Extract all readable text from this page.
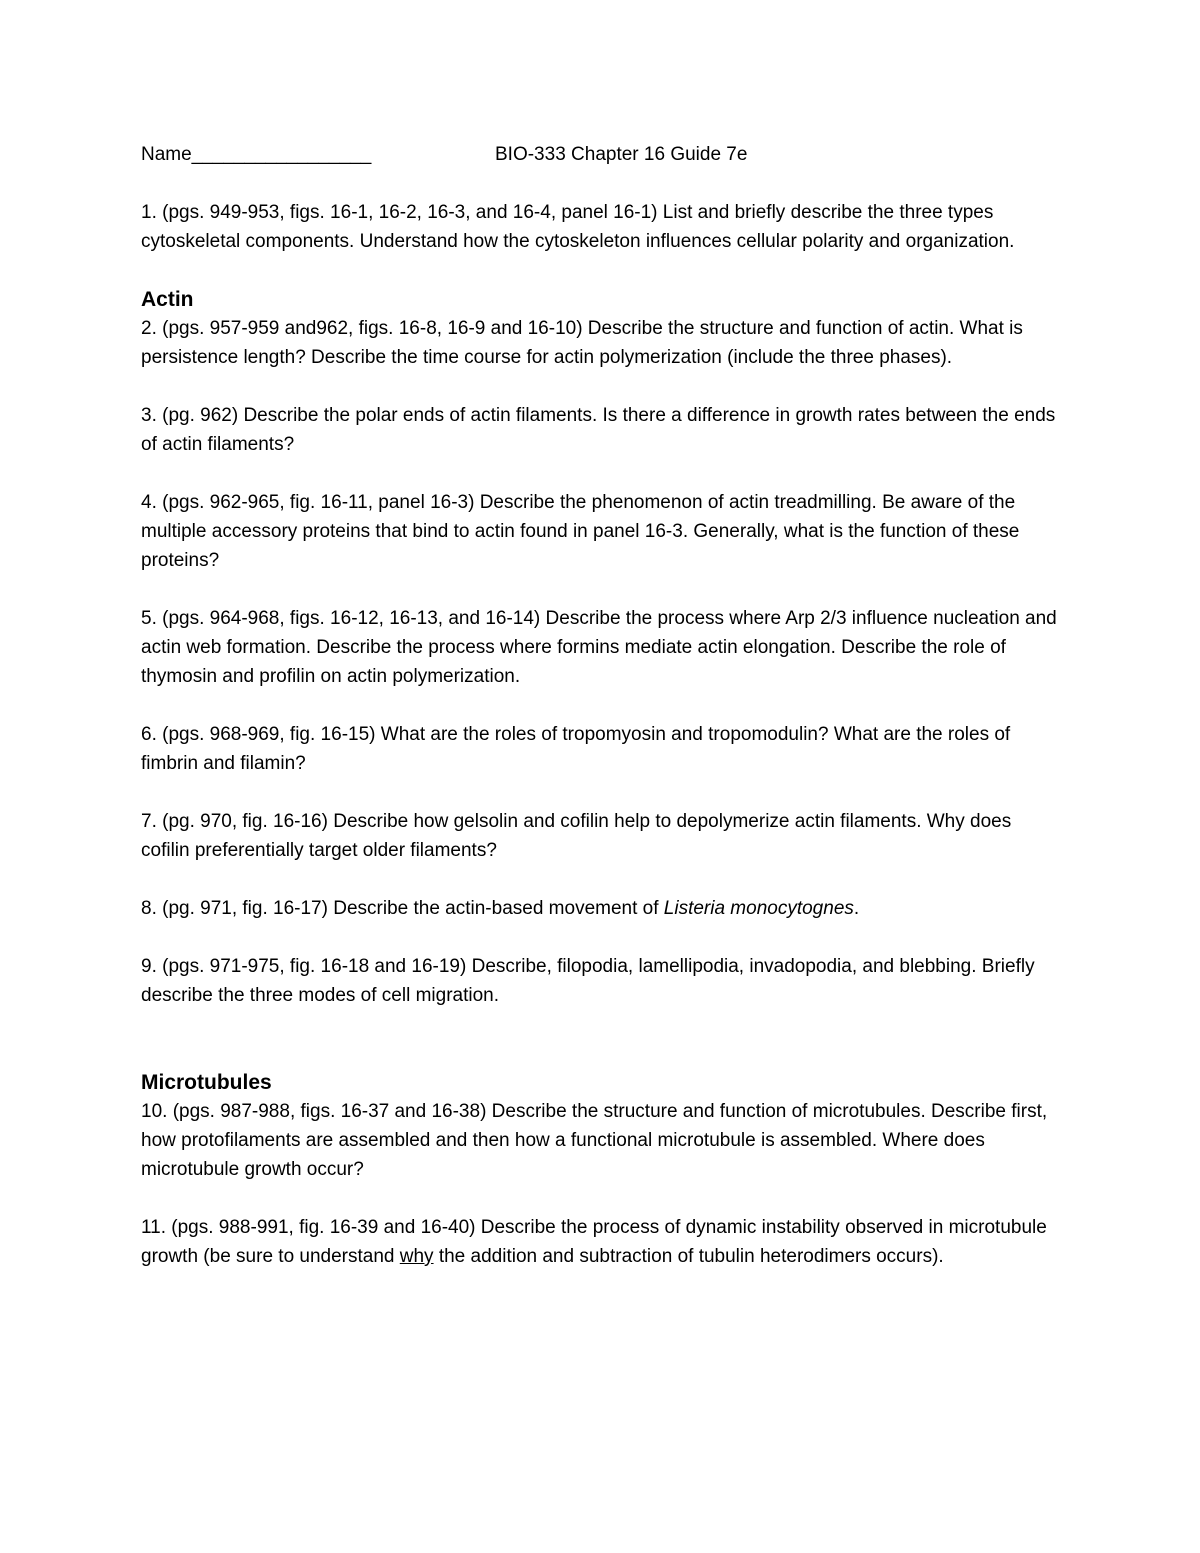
Name_________________	BIO-333 Chapter 16 Guide 7e

1. (pgs. 949-953, figs. 16-1, 16-2, 16-3, and 16-4, panel 16-1) List and briefly describe the three types cytoskeletal components. Understand how the cytoskeleton influences cellular polarity and organization.

Actin

2. (pgs. 957-959 and962, figs. 16-8, 16-9 and 16-10) Describe the structure and function of actin. What is persistence length? Describe the time course for actin polymerization (include the three phases).

3. (pg. 962) Describe the polar ends of actin filaments. Is there a difference in growth rates between the ends of actin filaments?

4. (pgs. 962-965, fig. 16-11, panel 16-3) Describe the phenomenon of actin treadmilling. Be aware of the multiple accessory proteins that bind to actin found in panel 16-3. Generally, what is the function of these proteins?

5. (pgs. 964-968, figs. 16-12, 16-13, and 16-14) Describe the process where Arp 2/3 influence nucleation and actin web formation. Describe the process where formins mediate actin elongation. Describe the role of thymosin and profilin on actin polymerization.

6. (pgs. 968-969, fig. 16-15) What are the roles of tropomyosin and tropomodulin? What are the roles of fimbrin and filamin?

7. (pg. 970, fig. 16-16) Describe how gelsolin and cofilin help to depolymerize actin filaments. Why does cofilin preferentially target older filaments?

8. (pg. 971, fig. 16-17) Describe the actin-based movement of Listeria monocytognes.

9. (pgs. 971-975, fig. 16-18 and 16-19) Describe, filopodia, lamellipodia, invadopodia, and blebbing. Briefly describe the three modes of cell migration.

Microtubules

10. (pgs. 987-988, figs. 16-37 and 16-38) Describe the structure and function of microtubules. Describe first, how protofilaments are assembled and then how a functional microtubule is assembled. Where does microtubule growth occur?

11. (pgs. 988-991, fig. 16-39 and 16-40) Describe the process of dynamic instability observed in microtubule growth (be sure to understand why the addition and subtraction of tubulin heterodimers occurs).
